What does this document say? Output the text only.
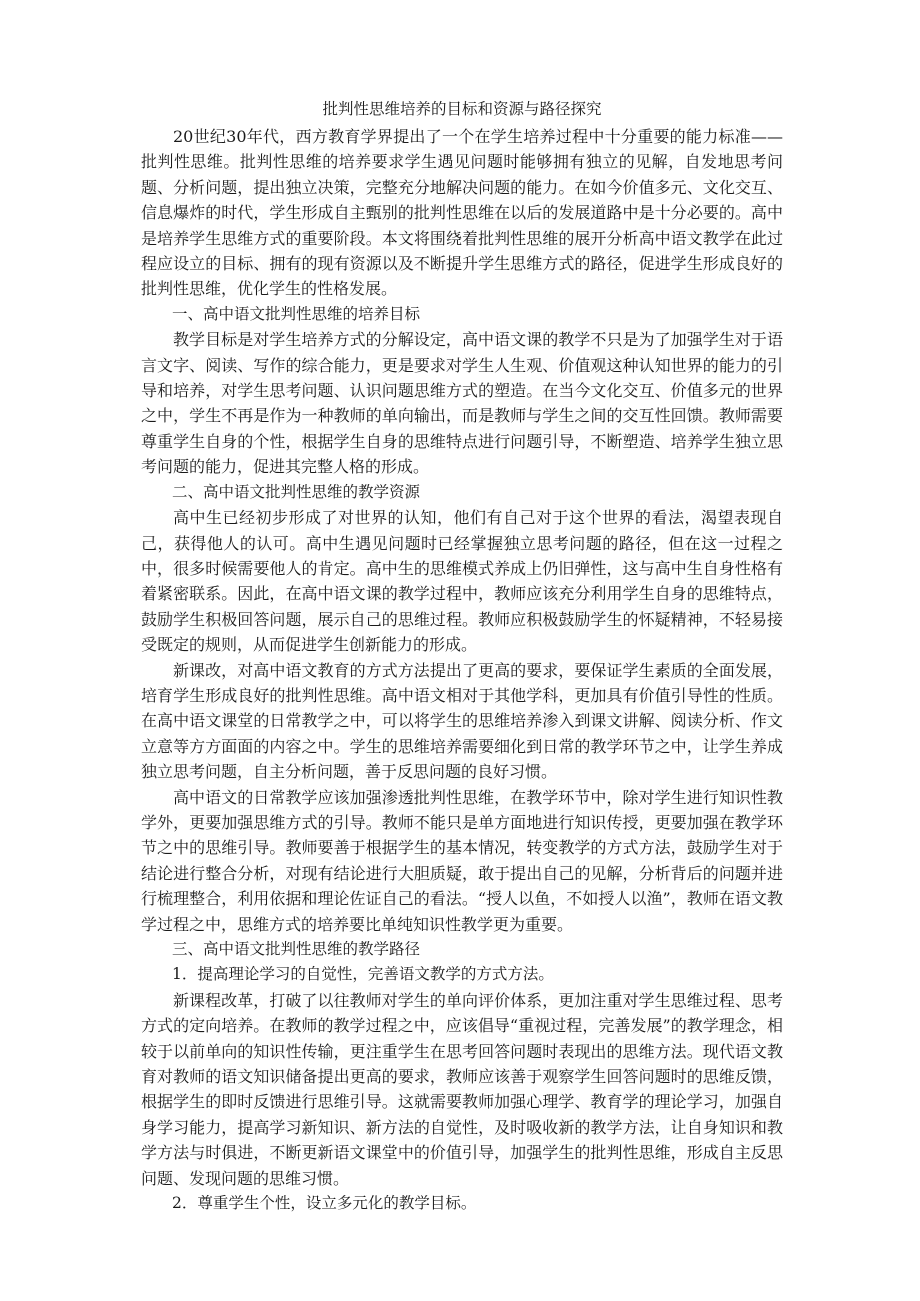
批判性思维培养的目标和资源与路径探究

20世纪30年代，西方教育学界提出了一个在学生培养过程中十分重要的能力标准——批判性思维。批判性思维的培养要求学生遇见问题时能够拥有独立的见解，自发地思考问题、分析问题，提出独立决策，完整充分地解决问题的能力。在如今价值多元、文化交互、信息爆炸的时代，学生形成自主甄别的批判性思维在以后的发展道路中是十分必要的。高中是培养学生思维方式的重要阶段。本文将围绕着批判性思维的展开分析高中语文教学在此过程应设立的目标、拥有的现有资源以及不断提升学生思维方式的路径，促进学生形成良好的批判性思维，优化学生的性格发展。

一、高中语文批判性思维的培养目标

教学目标是对学生培养方式的分解设定，高中语文课的教学不只是为了加强学生对于语言文字、阅读、写作的综合能力，更是要求对学生人生观、价值观这种认知世界的能力的引导和培养，对学生思考问题、认识问题思维方式的塑造。在当今文化交互、价值多元的世界之中，学生不再是作为一种教师的单向输出，而是教师与学生之间的交互性回馈。教师需要尊重学生自身的个性，根据学生自身的思维特点进行问题引导，不断塑造、培养学生独立思考问题的能力，促进其完整人格的形成。

二、高中语文批判性思维的教学资源

高中生已经初步形成了对世界的认知，他们有自己对于这个世界的看法，渴望表现自己，获得他人的认可。高中生遇见问题时已经掌握独立思考问题的路径，但在这一过程之中，很多时候需要他人的肯定。高中生的思维模式养成上仍旧弹性，这与高中生自身性格有着紧密联系。因此，在高中语文课的教学过程中，教师应该充分利用学生自身的思维特点，鼓励学生积极回答问题，展示自己的思维过程。教师应积极鼓励学生的怀疑精神，不轻易接受既定的规则，从而促进学生创新能力的形成。

新课改，对高中语文教育的方式方法提出了更高的要求，要保证学生素质的全面发展，培育学生形成良好的批判性思维。高中语文相对于其他学科，更加具有价值引导性的性质。在高中语文课堂的日常教学之中，可以将学生的思维培养渗入到课文讲解、阅读分析、作文立意等方方面面的内容之中。学生的思维培养需要细化到日常的教学环节之中，让学生养成独立思考问题，自主分析问题，善于反思问题的良好习惯。

高中语文的日常教学应该加强渗透批判性思维，在教学环节中，除对学生进行知识性教学外，更要加强思维方式的引导。教师不能只是单方面地进行知识传授，更要加强在教学环节之中的思维引导。教师要善于根据学生的基本情况，转变教学的方式方法，鼓励学生对于结论进行整合分析，对现有结论进行大胆质疑，敢于提出自己的见解，分析背后的问题并进行梳理整合，利用依据和理论佐证自己的看法。“授人以鱼，不如授人以渔”，教师在语文教学过程之中，思维方式的培养要比单纯知识性教学更为重要。

三、高中语文批判性思维的教学路径

1．提高理论学习的自觉性，完善语文教学的方式方法。

新课程改革，打破了以往教师对学生的单向评价体系，更加注重对学生思维过程、思考方式的定向培养。在教师的教学过程之中，应该倡导“重视过程，完善发展”的教学理念，相较于以前单向的知识性传输，更注重学生在思考回答问题时表现出的思维方法。现代语文教育对教师的语文知识储备提出更高的要求，教师应该善于观察学生回答问题时的思维反馈，根据学生的即时反馈进行思维引导。这就需要教师加强心理学、教育学的理论学习，加强自身学习能力，提高学习新知识、新方法的自觉性，及时吸收新的教学方法，让自身知识和教学方法与时俱进，不断更新语文课堂中的价值引导，加强学生的批判性思维，形成自主反思问题、发现问题的思维习惯。

2．尊重学生个性，设立多元化的教学目标。
